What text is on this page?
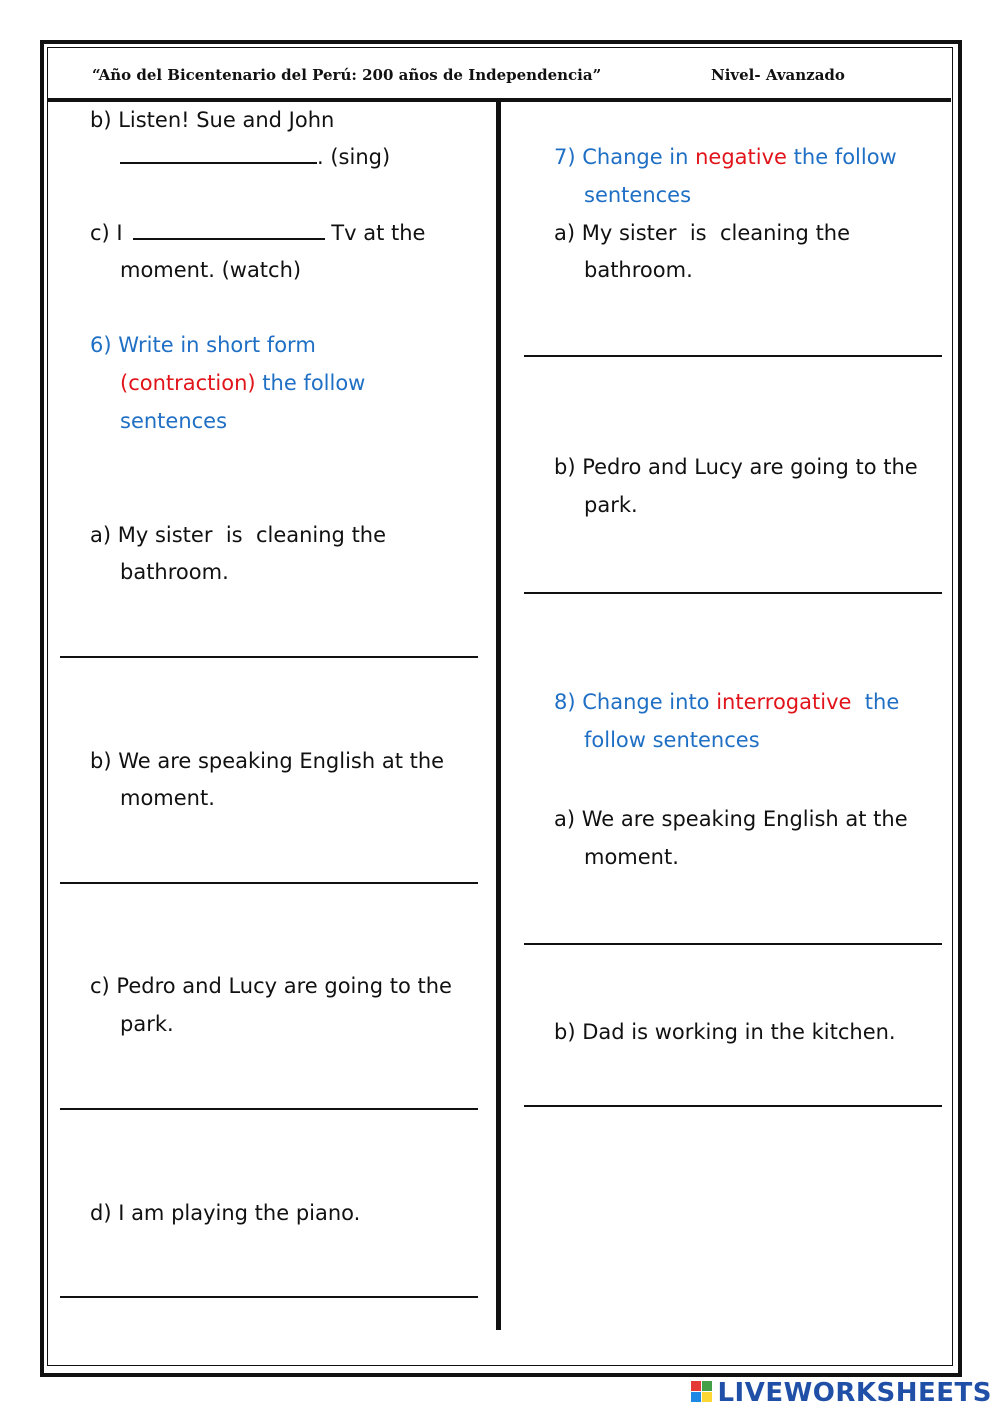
“Año del Bicentenario del Perú: 200 años de Independencia”	Nivel- Avanzado
b) Listen! Sue and John
. (sing)
c) I	Tv at the
moment. (watch)
6) Write in short form
(contraction) the follow
sentences
a) My sister  is  cleaning the
bathroom.
b) We are speaking English at the
moment.
c) Pedro and Lucy are going to the
park.
d) I am playing the piano.
7) Change in negative the follow
sentences
a) My sister  is  cleaning the
bathroom.
b) Pedro and Lucy are going to the
park.
8) Change into interrogative  the
follow sentences
a) We are speaking English at the
moment.
b) Dad is working in the kitchen.
LIVEWORKSHEETS
